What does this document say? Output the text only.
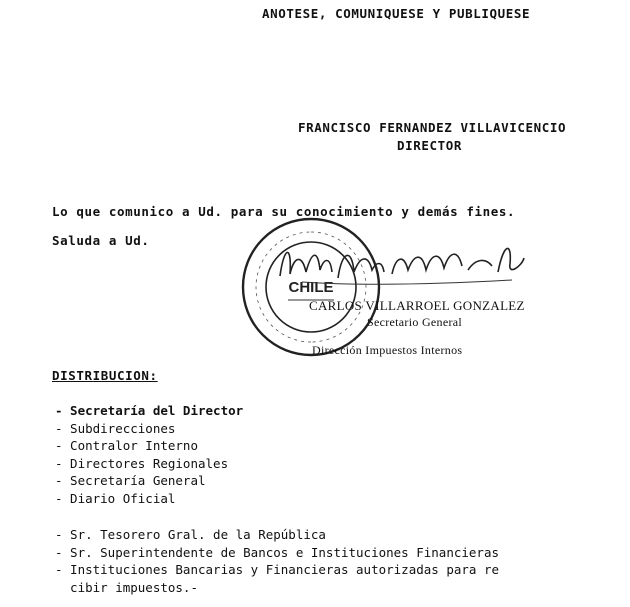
ANOTESE, COMUNIQUESE Y PUBLIQUESE
FRANCISCO FERNANDEZ VILLAVICENCIO
DIRECTOR
Lo que comunico a Ud. para su conocimiento y demás fines.
Saluda a Ud.
CHILE
CARLOS VILLARROEL GONZALEZ
Secretario General
Dirección Impuestos Internos
DISTRIBUCION:
- Secretaría del Director
- Subdirecciones
- Contralor Interno
- Directores Regionales
- Secretaría General
- Diario Oficial
- Sr. Tesorero Gral. de la República
- Sr. Superintendente de Bancos e Instituciones Financieras
- Instituciones Bancarias y Financieras autorizadas para re
cibir impuestos.-
